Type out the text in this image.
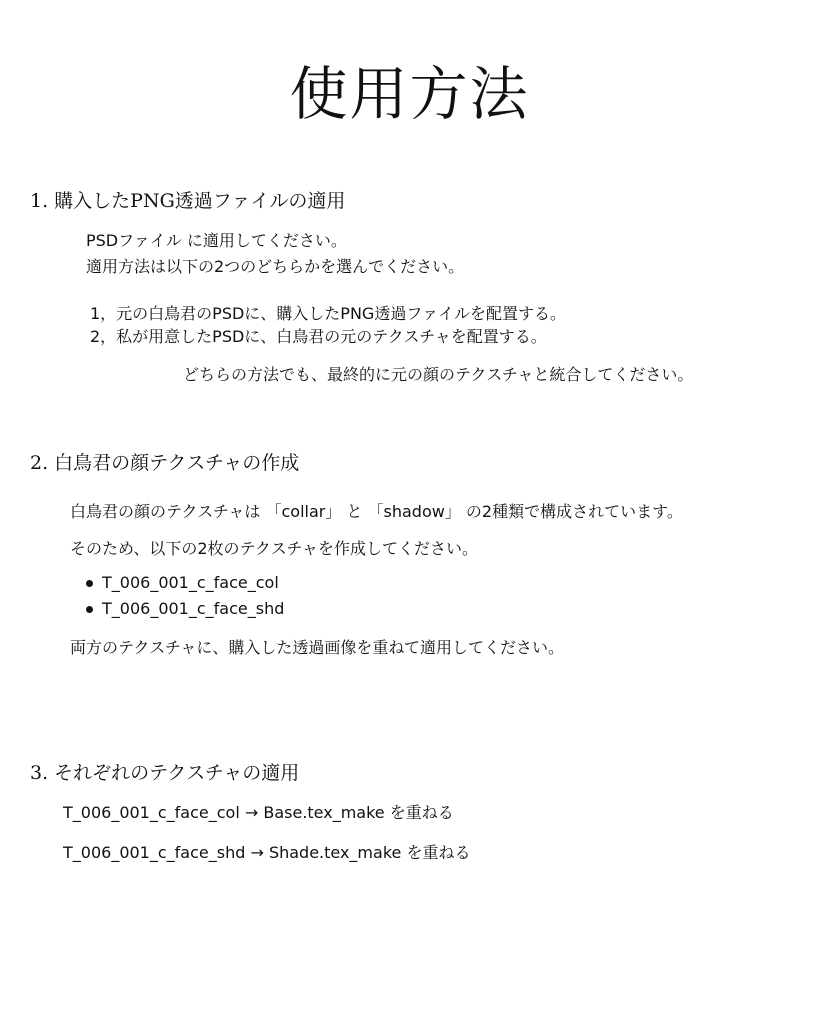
使用方法
1. 購入したPNG透過ファイルの適用
PSDファイル に適用してください。
適用方法は以下の2つのどちらかを選んでください。
1，元の白鳥君のPSDに、購入したPNG透過ファイルを配置する。
2，私が用意したPSDに、白鳥君の元のテクスチャを配置する。
どちらの方法でも、最終的に元の顔のテクスチャと統合してください。
2. 白鳥君の顔テクスチャの作成
白鳥君の顔のテクスチャは 「collar」 と 「shadow」 の2種類で構成されています。
そのため、以下の2枚のテクスチャを作成してください。
T_006_001_c_face_col
T_006_001_c_face_shd
両方のテクスチャに、購入した透過画像を重ねて適用してください。
3. それぞれのテクスチャの適用
T_006_001_c_face_col → Base.tex_make を重ねる
T_006_001_c_face_shd → Shade.tex_make を重ねる
